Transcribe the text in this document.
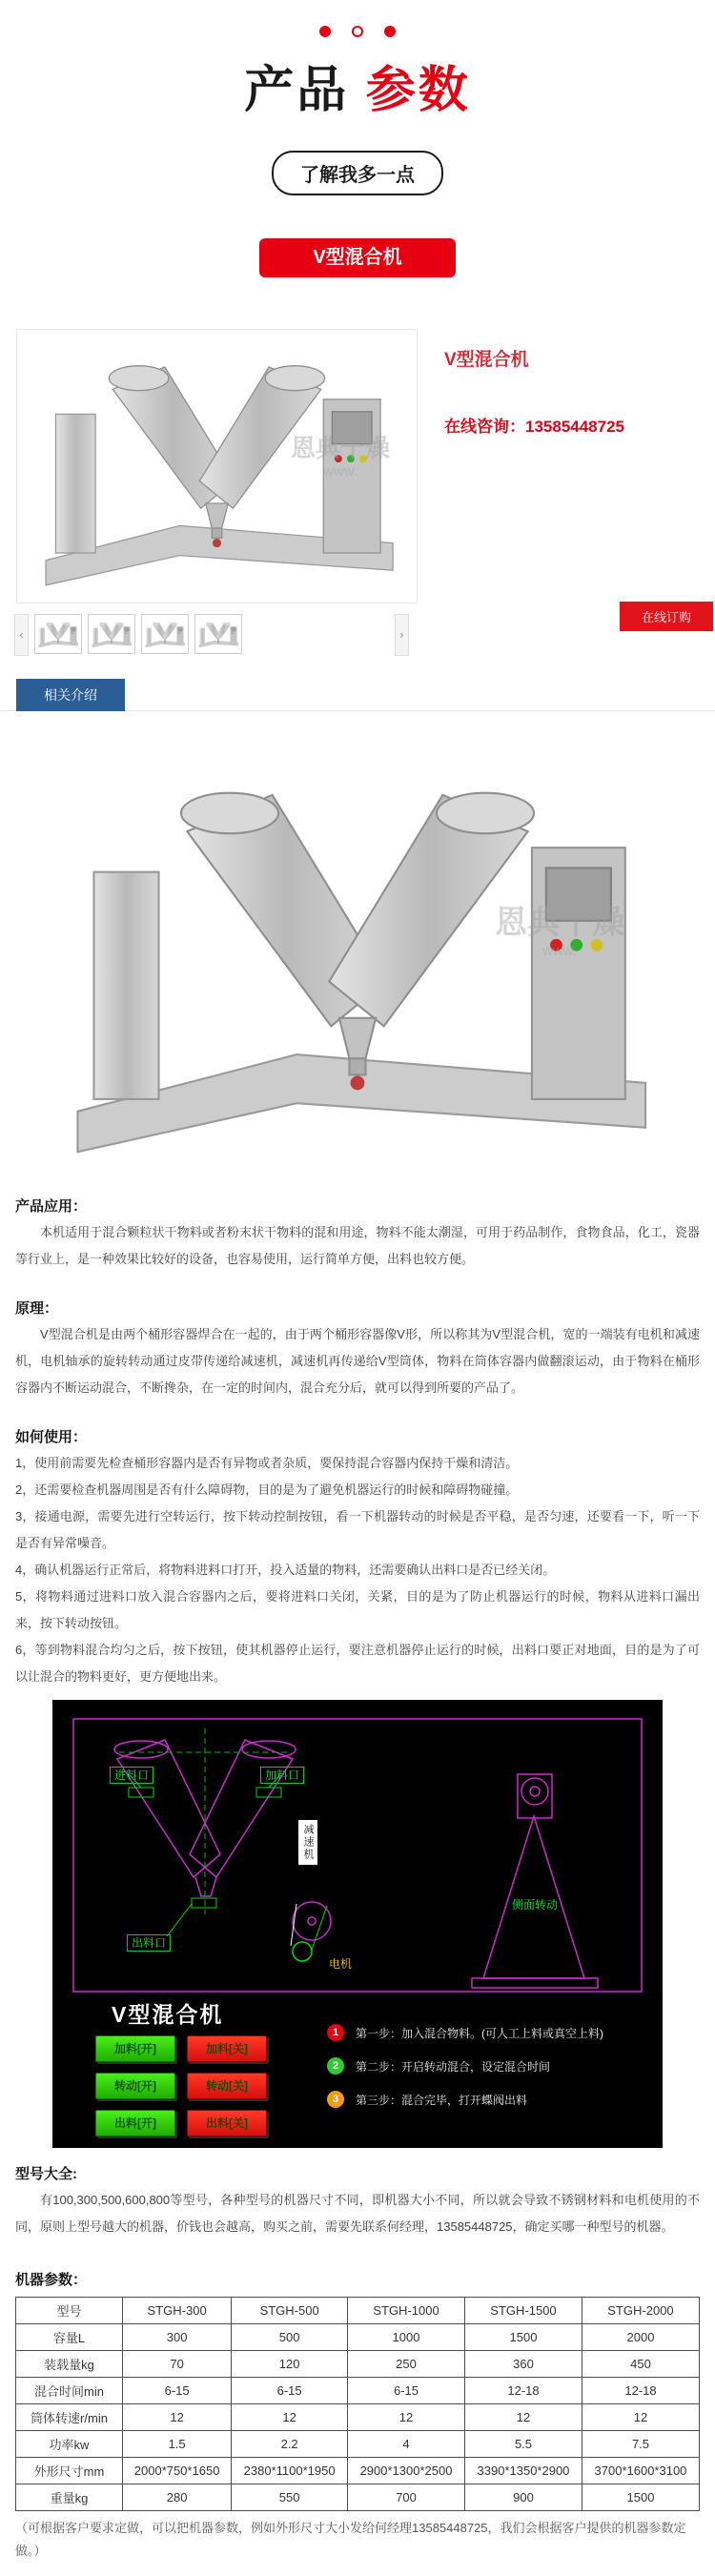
产品 参数
了解我多一点
V型混合机
恩典干燥
www.
V型混合机
在线咨询：13585448725
在线订购
‹	›
相关介绍
恩典干燥
www.
产品应用：
本机适用于混合颗粒状干物料或者粉末状干物料的混和用途，物料不能太潮湿，可用于药品制作，食物食品，化工，瓷器等行业上，是一种效果比较好的设备，也容易使用，运行简单方便，出料也较方便。
原理：
V型混合机是由两个桶形容器焊合在一起的，由于两个桶形容器像V形，所以称其为V型混合机，宽的一端装有电机和减速机，电机轴承的旋转转动通过皮带传递给减速机，减速机再传递给V型筒体，物料在筒体容器内做翻滚运动，由于物料在桶形容器内不断运动混合，不断搀杂，在一定的时间内，混合充分后，就可以得到所要的产品了。
如何使用：
1，使用前需要先检查桶形容器内是否有异物或者杂质，要保持混合容器内保持干燥和清洁。
2，还需要检查机器周围是否有什么障碍物，目的是为了避免机器运行的时候和障碍物碰撞。
3，接通电源，需要先进行空转运行，按下转动控制按钮，看一下机器转动的时候是否平稳，是否匀速，还要看一下，听一下是否有异常噪音。
4，确认机器运行正常后，将物料进料口打开，投入适量的物料，还需要确认出料口是否已经关闭。
5，将物料通过进料口放入混合容器内之后，要将进料口关闭，关紧，目的是为了防止机器运行的时候，物料从进料口漏出来，按下转动按钮。
6，等到物料混合均匀之后，按下按钮，使其机器停止运行，要注意机器停止运行的时候，出料口要正对地面，目的是为了可以让混合的物料更好，更方便地出来。
进料口	加料口
出料口
减速机
电机
侧面转动
V型混合机
加料[开]	加料[关]
转动[开]	转动[关]
出料[开]	出料[关]
1	第一步：加入混合物料。(可人工上料或真空上料)
2	第二步：开启转动混合，设定混合时间
3	第三步：混合完毕，打开蝶阀出料
型号大全:
有100,300,500,600,800等型号，各种型号的机器尺寸不同，即机器大小不同，所以就会导致不锈钢材料和电机使用的不同，原则上型号越大的机器，价钱也会越高，购买之前，需要先联系何经理，13585448725，确定买哪一种型号的机器。
机器参数：
型号	STGH-300	STGH-500	STGH-1000	STGH-1500	STGH-2000
容量L	300	500	1000	1500	2000
装载量kg	70	120	250	360	450
混合时间min	6-15	6-15	6-15	12-18	12-18
筒体转速r/min	12	12	12	12	12
功率kw	1.5	2.2	4	5.5	7.5
外形尺寸mm	2000*750*1650	2380*1100*1950	2900*1300*2500	3390*1350*2900	3700*1600*3100
重量kg	280	550	700	900	1500
（可根据客户要求定做，可以把机器参数，例如外形尺寸大小发给何经理13585448725，我们会根据客户提供的机器参数定做。）
